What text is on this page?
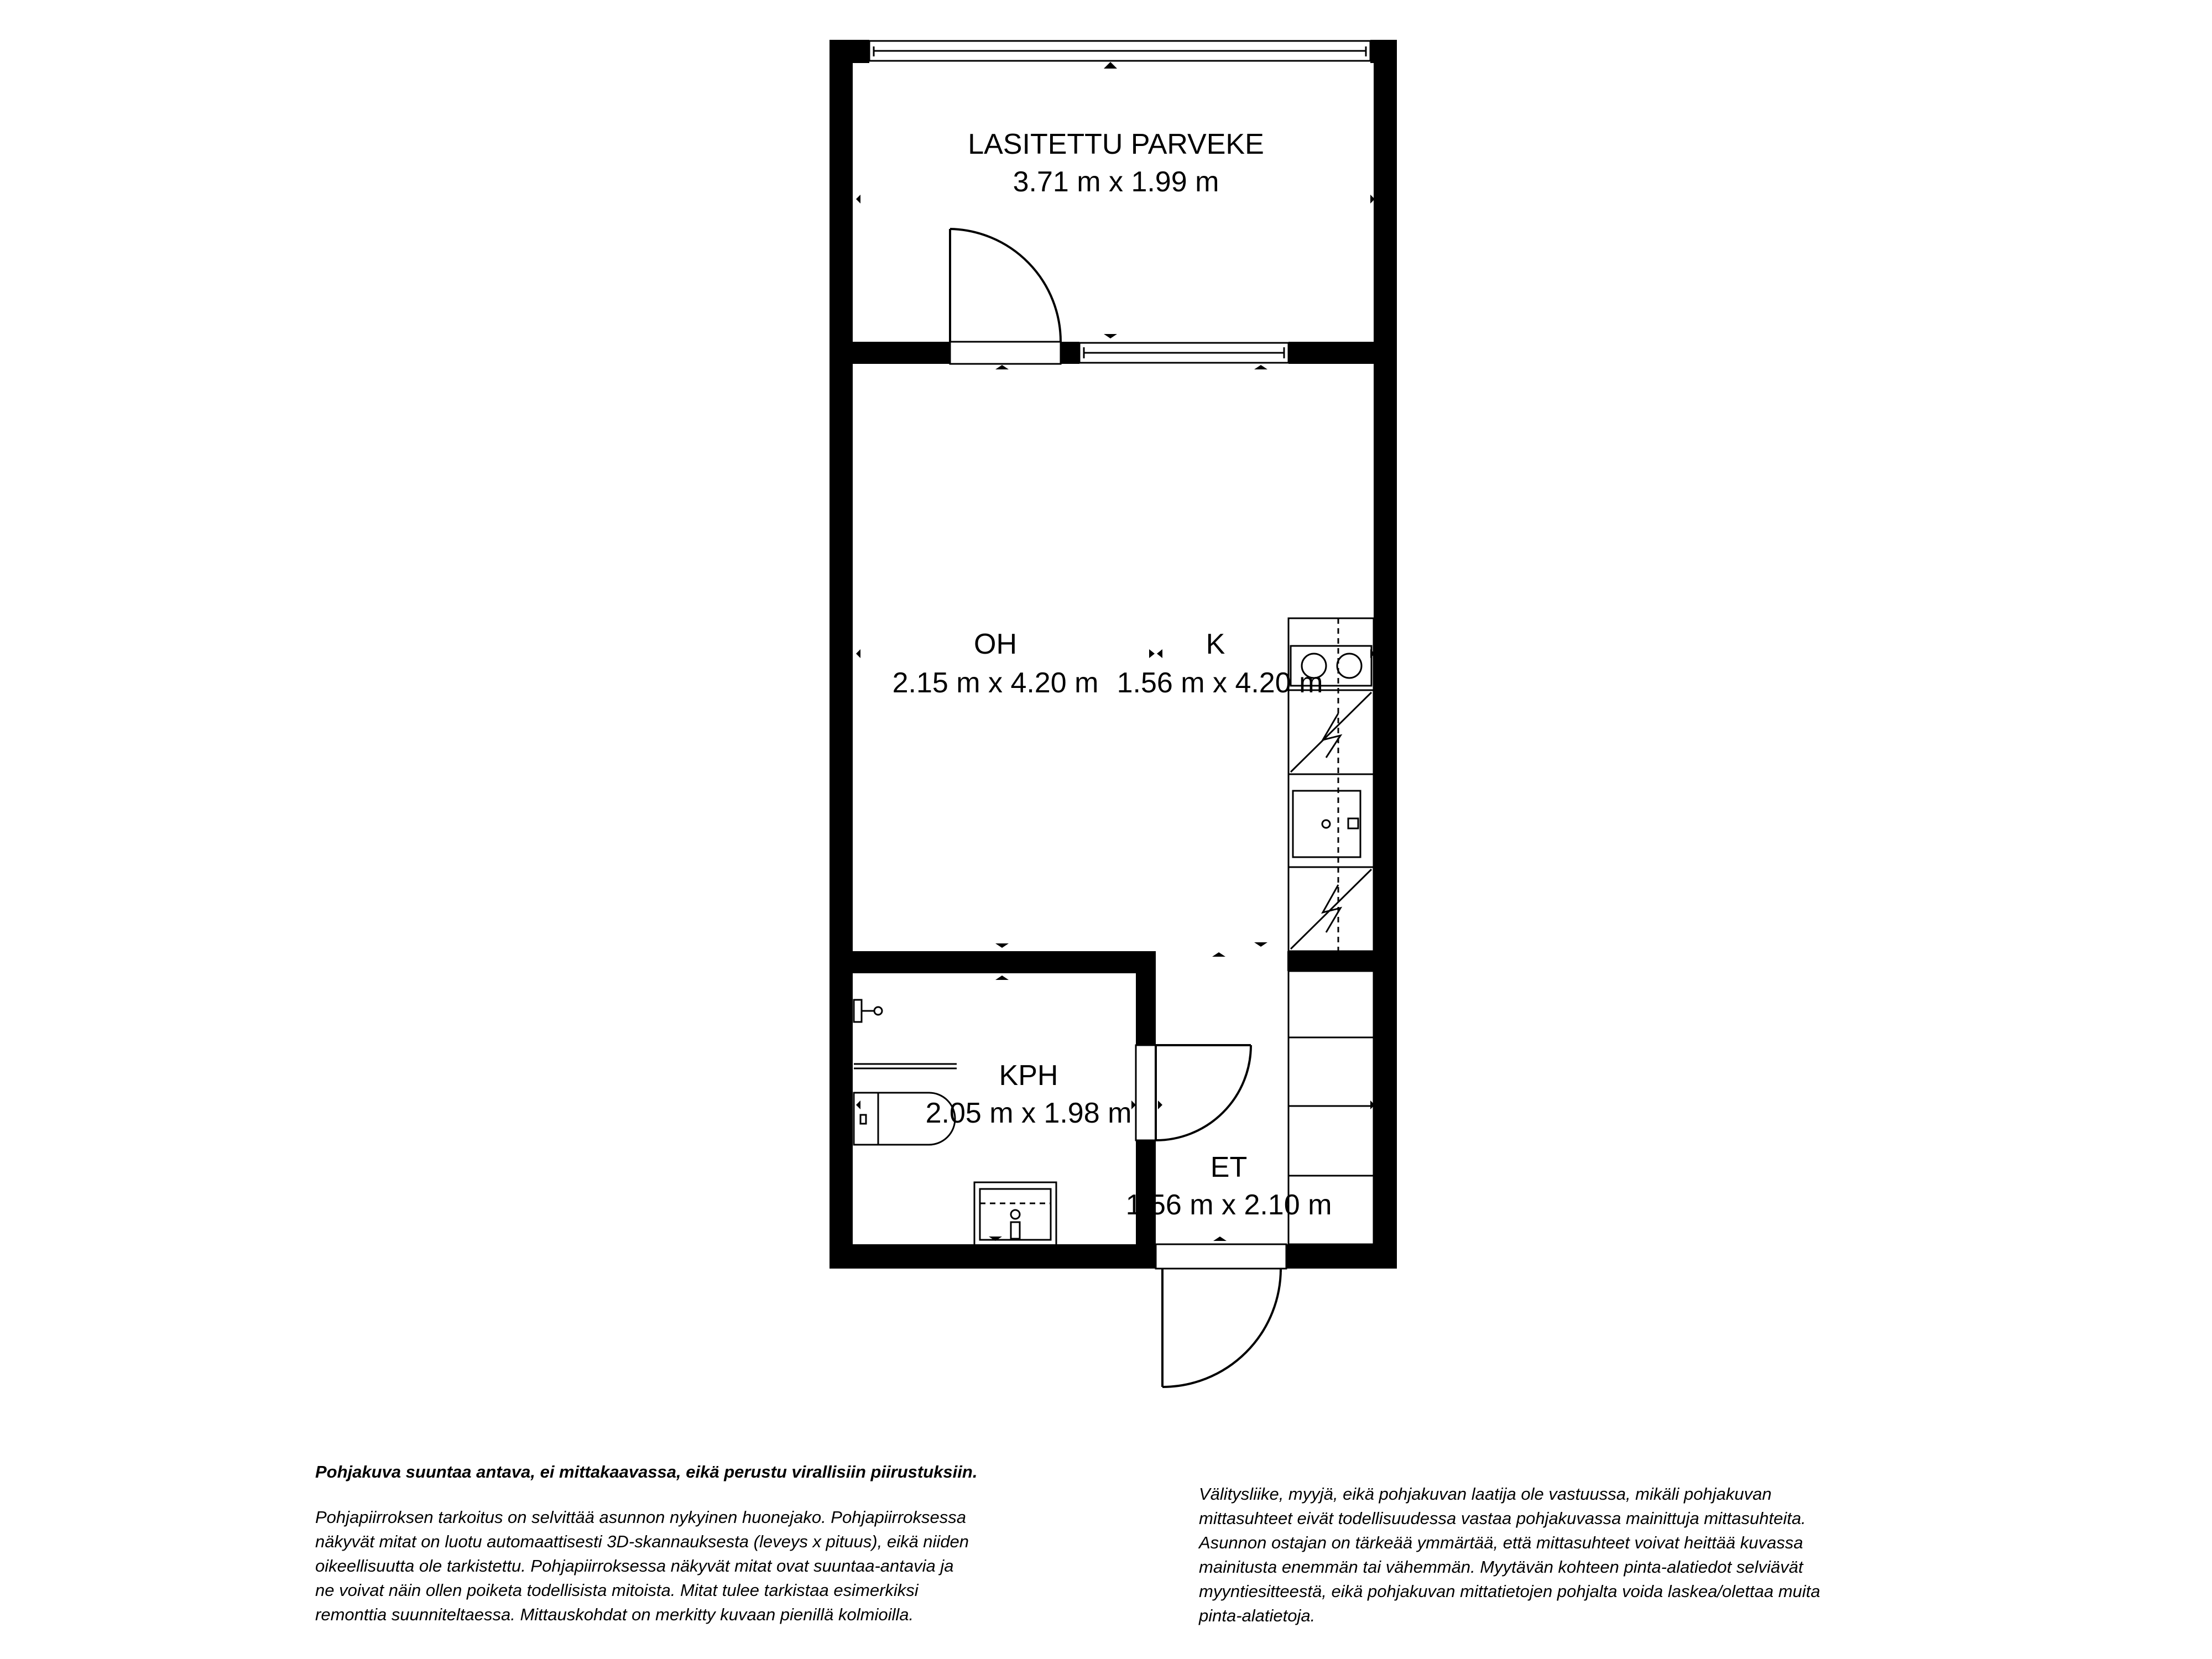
LASITETTU PARVEKE
3.71 m x 1.99 m
OH
2.15 m x 4.20 m
K
1.56 m x 4.20 m
KPH
2.05 m x 1.98 m
ET
1.56 m x 2.10 m
Pohjakuva suuntaa antava, ei mittakaavassa, eikä perustu virallisiin piirustuksiin.
Pohjapiirroksen tarkoitus on selvittää asunnon nykyinen huonejako. Pohjapiirroksessa
näkyvät mitat on luotu automaattisesti 3D-skannauksesta (leveys x pituus), eikä niiden
oikeellisuutta ole tarkistettu. Pohjapiirroksessa näkyvät mitat ovat suuntaa-antavia ja
ne voivat näin ollen poiketa todellisista mitoista. Mitat tulee tarkistaa esimerkiksi
remonttia suunniteltaessa. Mittauskohdat on merkitty kuvaan pienillä kolmioilla.
Välitysliike, myyjä, eikä pohjakuvan laatija ole vastuussa, mikäli pohjakuvan
mittasuhteet eivät todellisuudessa vastaa pohjakuvassa mainittuja mittasuhteita.
Asunnon ostajan on tärkeää ymmärtää, että mittasuhteet voivat heittää kuvassa
mainitusta enemmän tai vähemmän. Myytävän kohteen pinta-alatiedot selviävät
myyntiesitteestä, eikä pohjakuvan mittatietojen pohjalta voida laskea/olettaa muita
pinta-alatietoja.
